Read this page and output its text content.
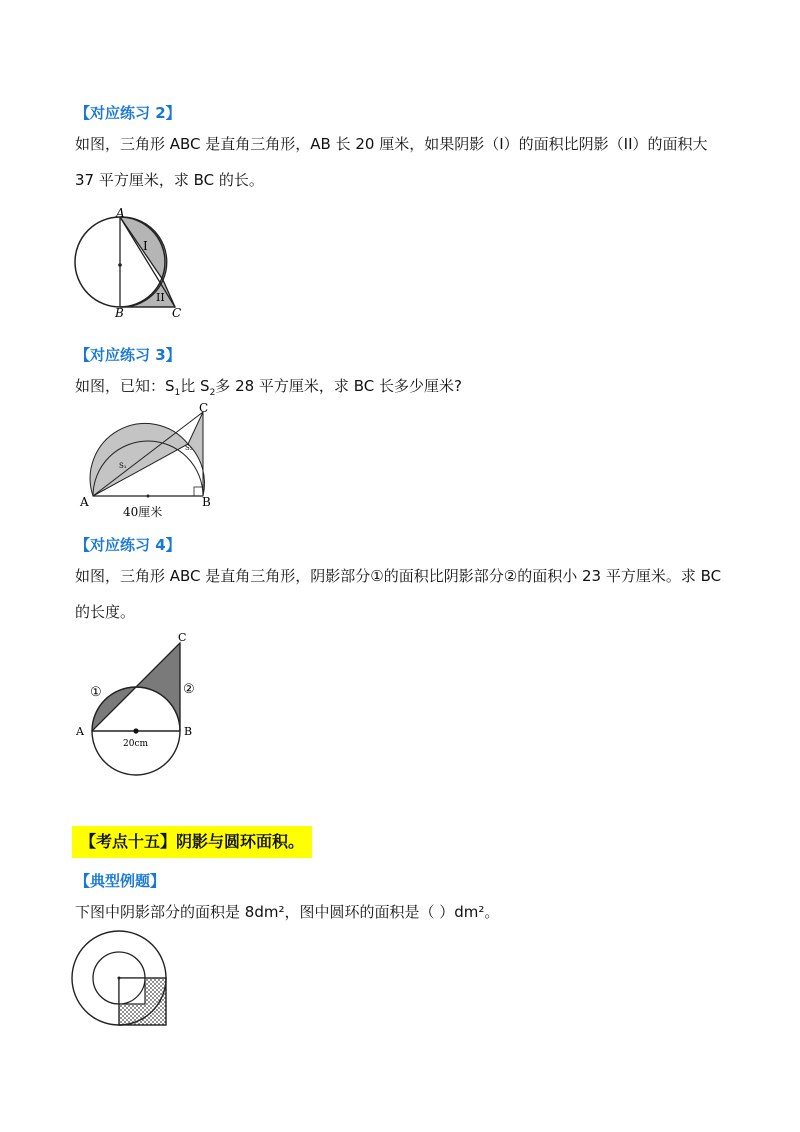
【对应练习 2】

如图，三角形 ABC 是直角三角形，AB 长 20 厘米，如果阴影（I）的面积比阴影（II）的面积大 37 平方厘米，求 BC 的长。

A
B	C
I
II

【对应练习 3】

如图，已知：$S_1$比 $S_2$多 28 平方厘米，求 BC 长多少厘米?

A	B
C
S₁
S₂
40厘米

【对应练习 4】

如图，三角形 ABC 是直角三角形，阴影部分①的面积比阴影部分②的面积小 23 平方厘米。求 BC 的长度。

A	B
C
①	②
20cm
【考点十五】阴影与圆环面积。

【典型例题】

下图中阴影部分的面积是 8dm²，图中圆环的面积是（ ）dm²。
